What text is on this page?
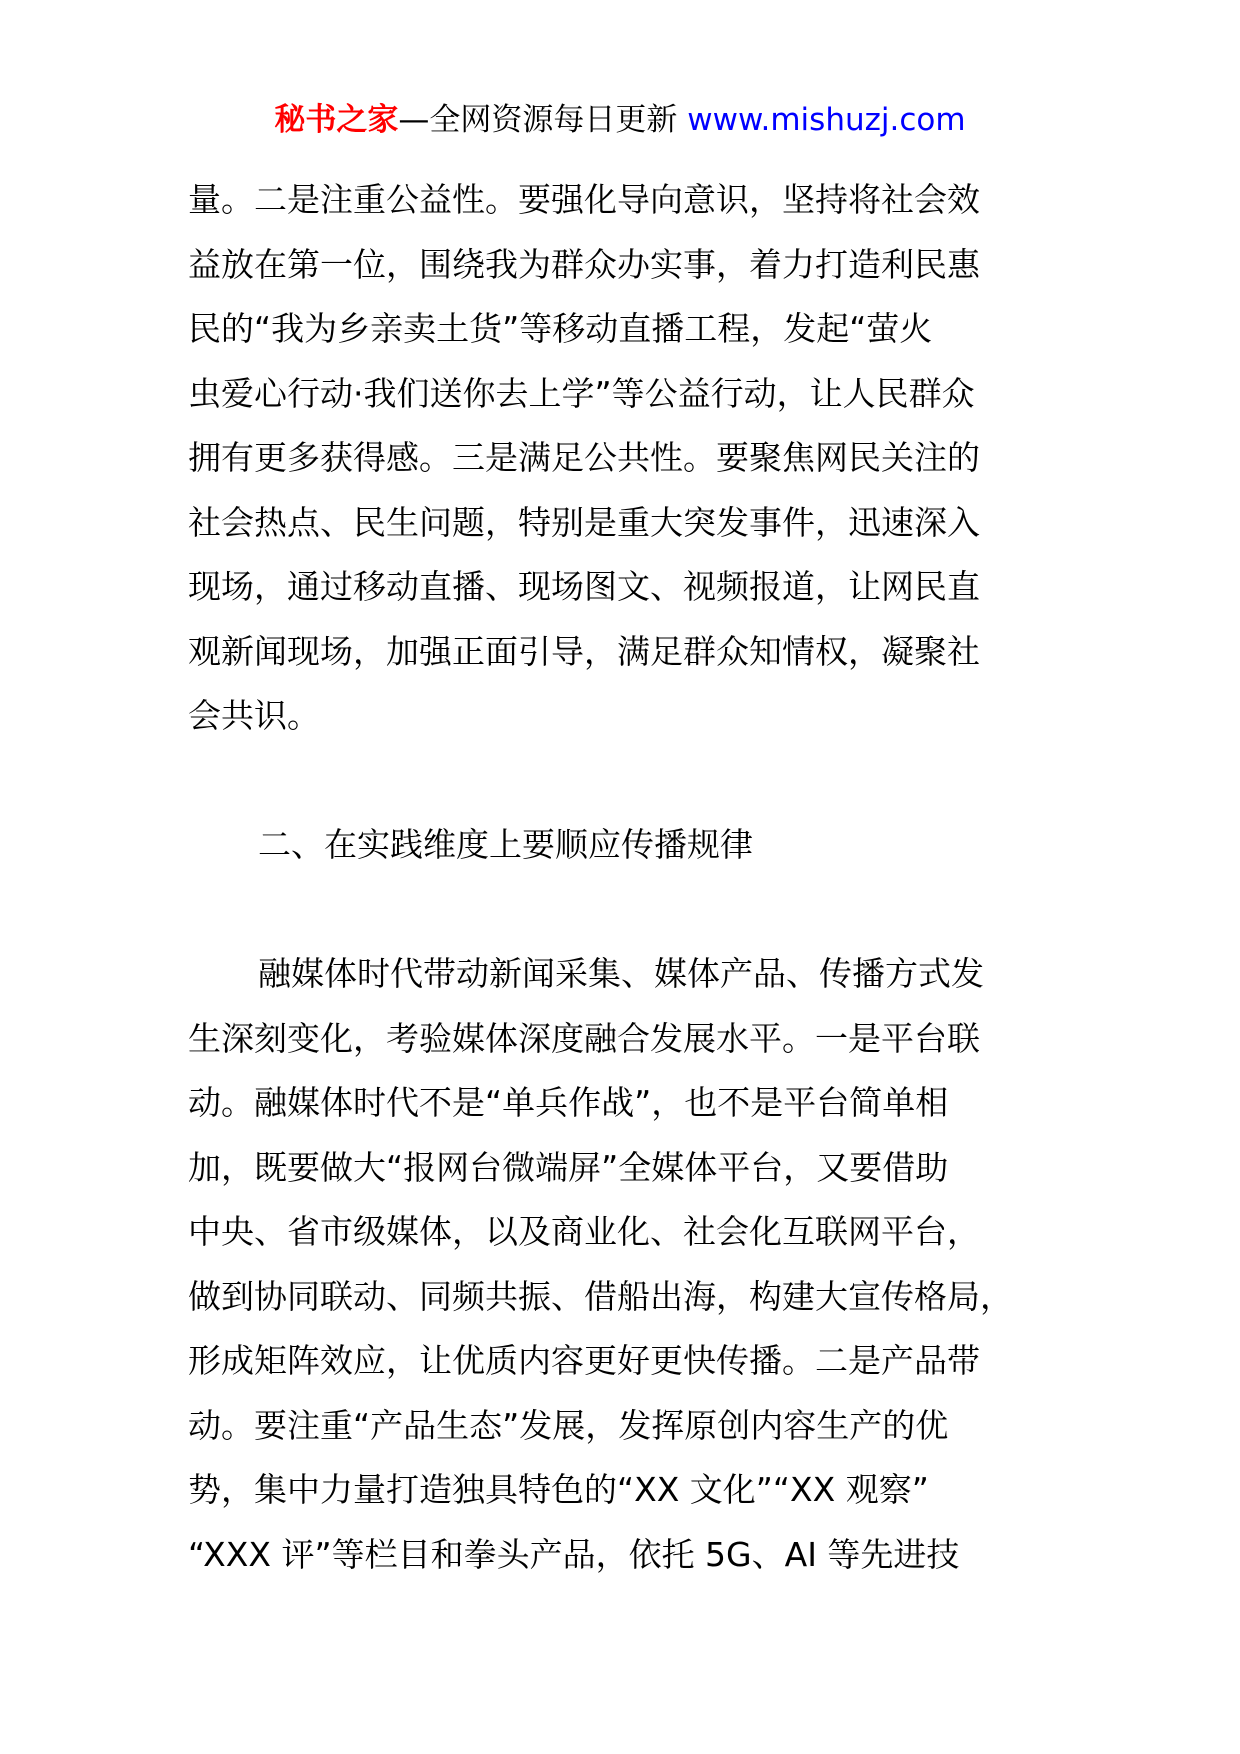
秘书之家—全网资源每日更新 www.mishuzj.com
量。二是注重公益性。要强化导向意识，坚持将社会效
益放在第一位，围绕我为群众办实事，着力打造利民惠
民的“我为乡亲卖土货”等移动直播工程，发起“萤火
虫爱心行动·我们送你去上学”等公益行动，让人民群众
拥有更多获得感。三是满足公共性。要聚焦网民关注的
社会热点、民生问题，特别是重大突发事件，迅速深入
现场，通过移动直播、现场图文、视频报道，让网民直
观新闻现场，加强正面引导，满足群众知情权，凝聚社
会共识。
二、在实践维度上要顺应传播规律
融媒体时代带动新闻采集、媒体产品、传播方式发
生深刻变化，考验媒体深度融合发展水平。一是平台联
动。融媒体时代不是“单兵作战”，也不是平台简单相
加，既要做大“报网台微端屏”全媒体平台，又要借助
中央、省市级媒体，以及商业化、社会化互联网平台，
做到协同联动、同频共振、借船出海，构建大宣传格局，
形成矩阵效应，让优质内容更好更快传播。二是产品带
动。要注重“产品生态”发展，发挥原创内容生产的优
势，集中力量打造独具特色的“XX 文化”“XX 观察”
“XXX 评”等栏目和拳头产品，依托 5G、AI 等先进技
